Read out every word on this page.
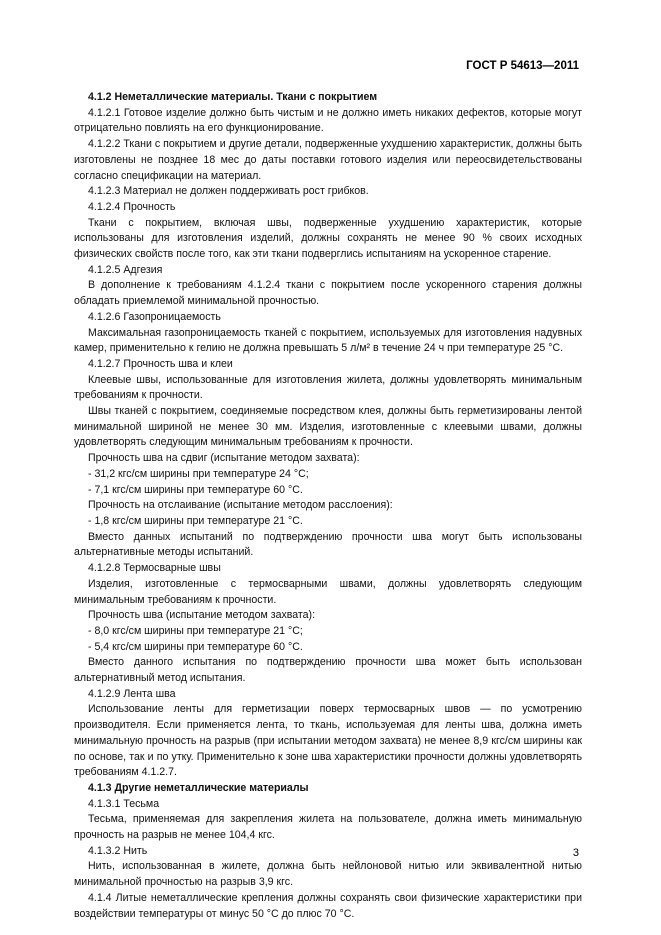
ГОСТ Р 54613—2011

4.1.2 Неметаллические материалы. Ткани с покрытием

4.1.2.1 Готовое изделие должно быть чистым и не должно иметь никаких дефектов, которые могут отрицательно повлиять на его функционирование.

4.1.2.2 Ткани с покрытием и другие детали, подверженные ухудшению характеристик, должны быть изготовлены не позднее 18 мес до даты поставки готового изделия или переосвидетельствованы согласно спецификации на материал.

4.1.2.3 Материал не должен поддерживать рост грибков.

4.1.2.4 Прочность

Ткани с покрытием, включая швы, подверженные ухудшению характеристик, которые использованы для изготовления изделий, должны сохранять не менее 90 % своих исходных физических свойств после того, как эти ткани подверглись испытаниям на ускоренное старение.

4.1.2.5 Адгезия

В дополнение к требованиям 4.1.2.4 ткани с покрытием после ускоренного старения должны обладать приемлемой минимальной прочностью.

4.1.2.6 Газопроницаемость

Максимальная газопроницаемость тканей с покрытием, используемых для изготовления надувных камер, применительно к гелию не должна превышать 5 л/м² в течение 24 ч при температуре 25 °С.

4.1.2.7 Прочность шва и клеи

Клеевые швы, использованные для изготовления жилета, должны удовлетворять минимальным требованиям к прочности.

Швы тканей с покрытием, соединяемые посредством клея, должны быть герметизированы лентой минимальной шириной не менее 30 мм. Изделия, изготовленные с клеевыми швами, должны удовлетворять следующим минимальным требованиям к прочности.

Прочность шва на сдвиг (испытание методом захвата):

- 31,2 кгс/см ширины при температуре 24 °С;

- 7,1 кгс/см ширины при температуре 60 °С.

Прочность на отслаивание (испытание методом расслоения):

- 1,8 кгс/см ширины при температуре 21 °С.

Вместо данных испытаний по подтверждению прочности шва могут быть использованы альтернативные методы испытаний.

4.1.2.8 Термосварные швы

Изделия, изготовленные с термосварными швами, должны удовлетворять следующим минимальным требованиям к прочности.

Прочность шва (испытание методом захвата):

- 8,0 кгс/см ширины при температуре 21 °С;

- 5,4 кгс/см ширины при температуре 60 °С.

Вместо данного испытания по подтверждению прочности шва может быть использован альтернативный метод испытания.

4.1.2.9 Лента шва

Использование ленты для герметизации поверх термосварных швов — по усмотрению производителя. Если применяется лента, то ткань, используемая для ленты шва, должна иметь минимальную прочность на разрыв (при испытании методом захвата) не менее 8,9 кгс/см ширины как по основе, так и по утку. Применительно к зоне шва характеристики прочности должны удовлетворять требованиям 4.1.2.7.

4.1.3 Другие неметаллические материалы

4.1.3.1 Тесьма

Тесьма, применяемая для закрепления жилета на пользователе, должна иметь минимальную прочность на разрыв не менее 104,4 кгс.

4.1.3.2 Нить

Нить, использованная в жилете, должна быть нейлоновой нитью или эквивалентной нитью минимальной прочностью на разрыв 3,9 кгс.

4.1.4 Литые неметаллические крепления должны сохранять свои физические характеристики при воздействии температуры от минус 50 °С до плюс 70 °С.

3
